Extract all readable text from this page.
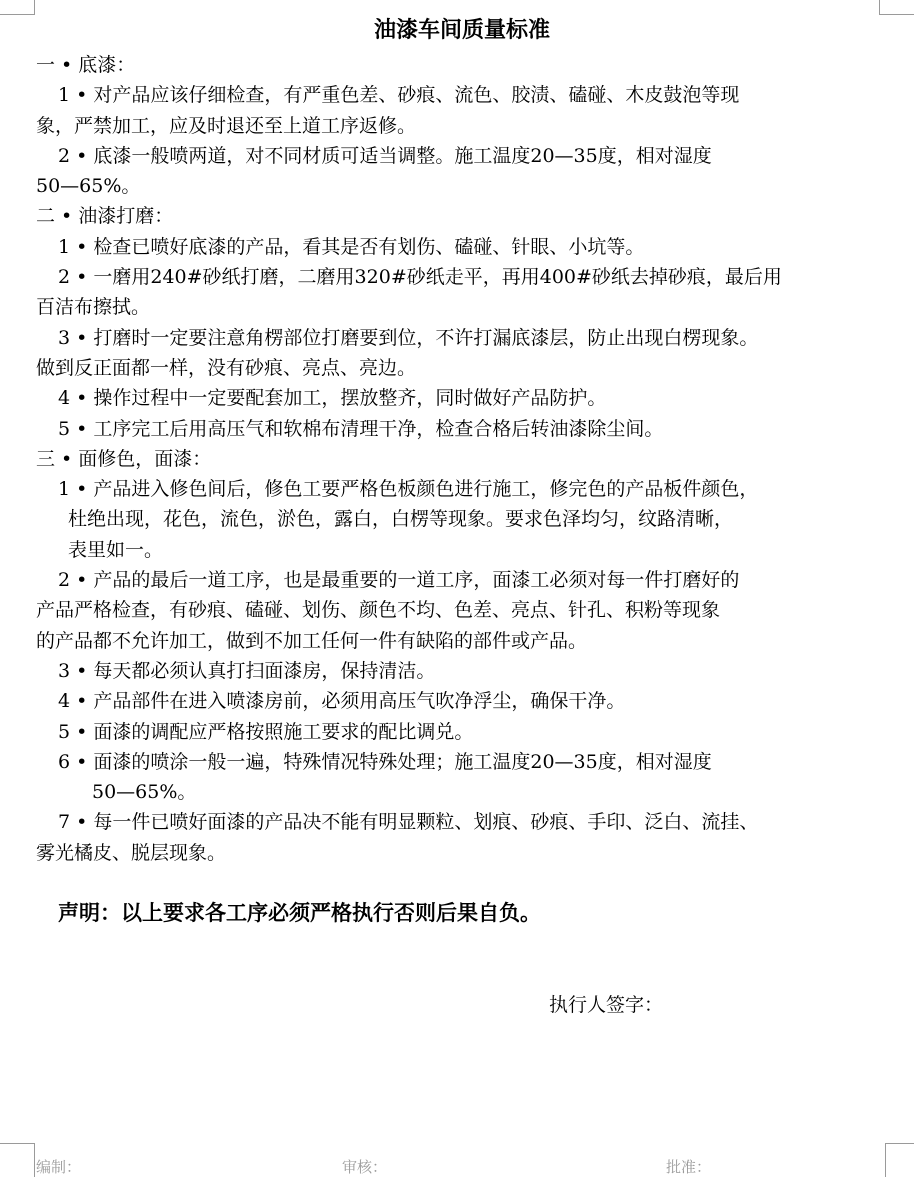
油漆车间质量标准
一 • 底漆：
1 • 对产品应该仔细检查，有严重色差、砂痕、流色、胶渍、磕碰、木皮鼓泡等现
象，严禁加工，应及时退还至上道工序返修。
2 • 底漆一般喷两道，对不同材质可适当调整。施工温度20—35度，相对湿度
50—65%。
二 • 油漆打磨：
1 • 检查已喷好底漆的产品，看其是否有划伤、磕碰、针眼、小坑等。
2 • 一磨用240#砂纸打磨，二磨用320#砂纸走平，再用400#砂纸去掉砂痕，最后用
百洁布擦拭。
3 • 打磨时一定要注意角楞部位打磨要到位，不许打漏底漆层，防止出现白楞现象。
做到反正面都一样，没有砂痕、亮点、亮边。
4 • 操作过程中一定要配套加工，摆放整齐，同时做好产品防护。
5 • 工序完工后用高压气和软棉布清理干净，检查合格后转油漆除尘间。
三 • 面修色，面漆：
1 • 产品进入修色间后，修色工要严格色板颜色进行施工，修完色的产品板件颜色，
杜绝出现，花色，流色，淤色，露白，白楞等现象。要求色泽均匀，纹路清晰，
表里如一。
2 • 产品的最后一道工序，也是最重要的一道工序，面漆工必须对每一件打磨好的
产品严格检查，有砂痕、磕碰、划伤、颜色不均、色差、亮点、针孔、积粉等现象
的产品都不允许加工，做到不加工任何一件有缺陷的部件或产品。
3 • 每天都必须认真打扫面漆房，保持清洁。
4 • 产品部件在进入喷漆房前，必须用高压气吹净浮尘，确保干净。
5 • 面漆的调配应严格按照施工要求的配比调兑。
6 • 面漆的喷涂一般一遍，特殊情况特殊处理；施工温度20—35度，相对湿度
50—65%。
7 • 每一件已喷好面漆的产品决不能有明显颗粒、划痕、砂痕、手印、泛白、流挂、
雾光橘皮、脱层现象。
声明：以上要求各工序必须严格执行否则后果自负。
执行人签字：
编制：	审核：	批准：
